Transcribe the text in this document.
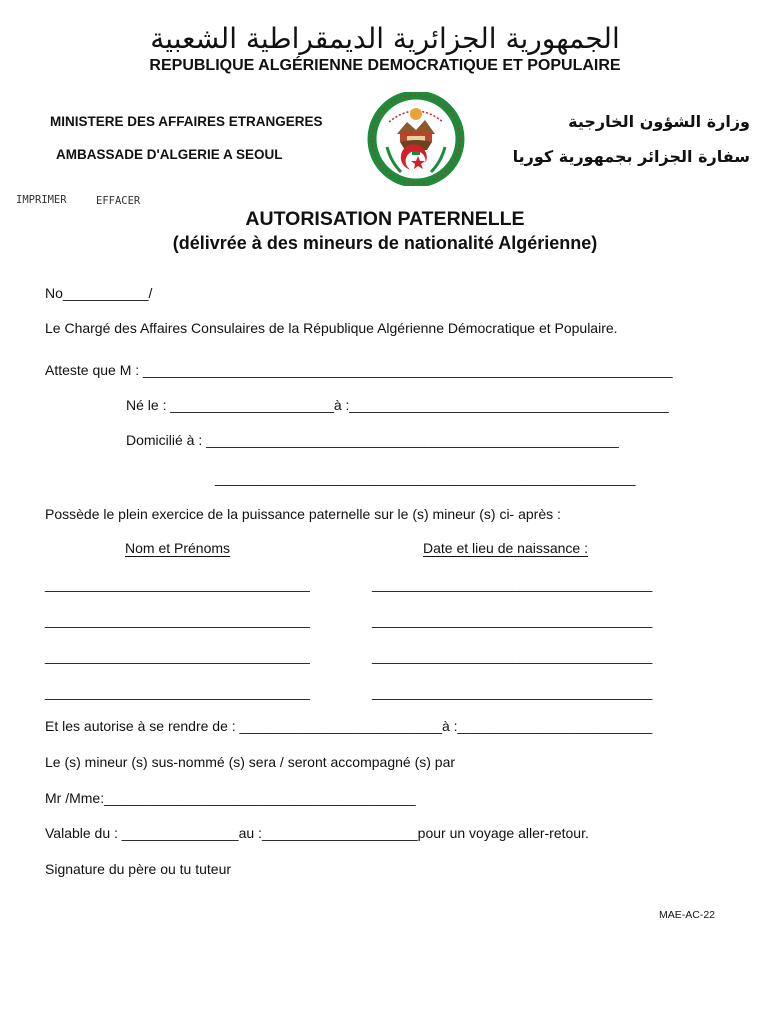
الجمهورية الجزائرية الديمقراطية الشعبية
REPUBLIQUE ALGÉRIENNE DEMOCRATIQUE ET POPULAIRE
MINISTERE DES AFFAIRES ETRANGERES
AMBASSADE D'ALGERIE A SEOUL
وزارة الشؤون الخارجية
سفارة الجزائر بجمهورية كوريا
IMPRIMER	EFFACER
AUTORISATION PATERNELLE
(délivrée à des mineurs de nationalité Algérienne)
No___________/
Le Chargé des Affaires Consulaires de la République Algérienne Démocratique et Populaire.
Atteste que M : ____________________________________________________________________
Né le : _____________________à :_________________________________________
Domicilié à : _____________________________________________________
______________________________________________________
Possède le plein exercice de la puissance paternelle sur le (s) mineur (s) ci- après :
Nom et Prénoms	Date et lieu de naissance :
__________________________________	____________________________________
__________________________________	____________________________________
__________________________________	____________________________________
__________________________________	____________________________________
Et les autorise à se rendre de : __________________________à :_________________________
Le (s) mineur (s) sus-nommé (s) sera / seront accompagné (s) par
Mr /Mme:________________________________________
Valable du : _______________au :____________________pour un voyage aller-retour.
Signature du père ou tu tuteur
MAE-AC-22
